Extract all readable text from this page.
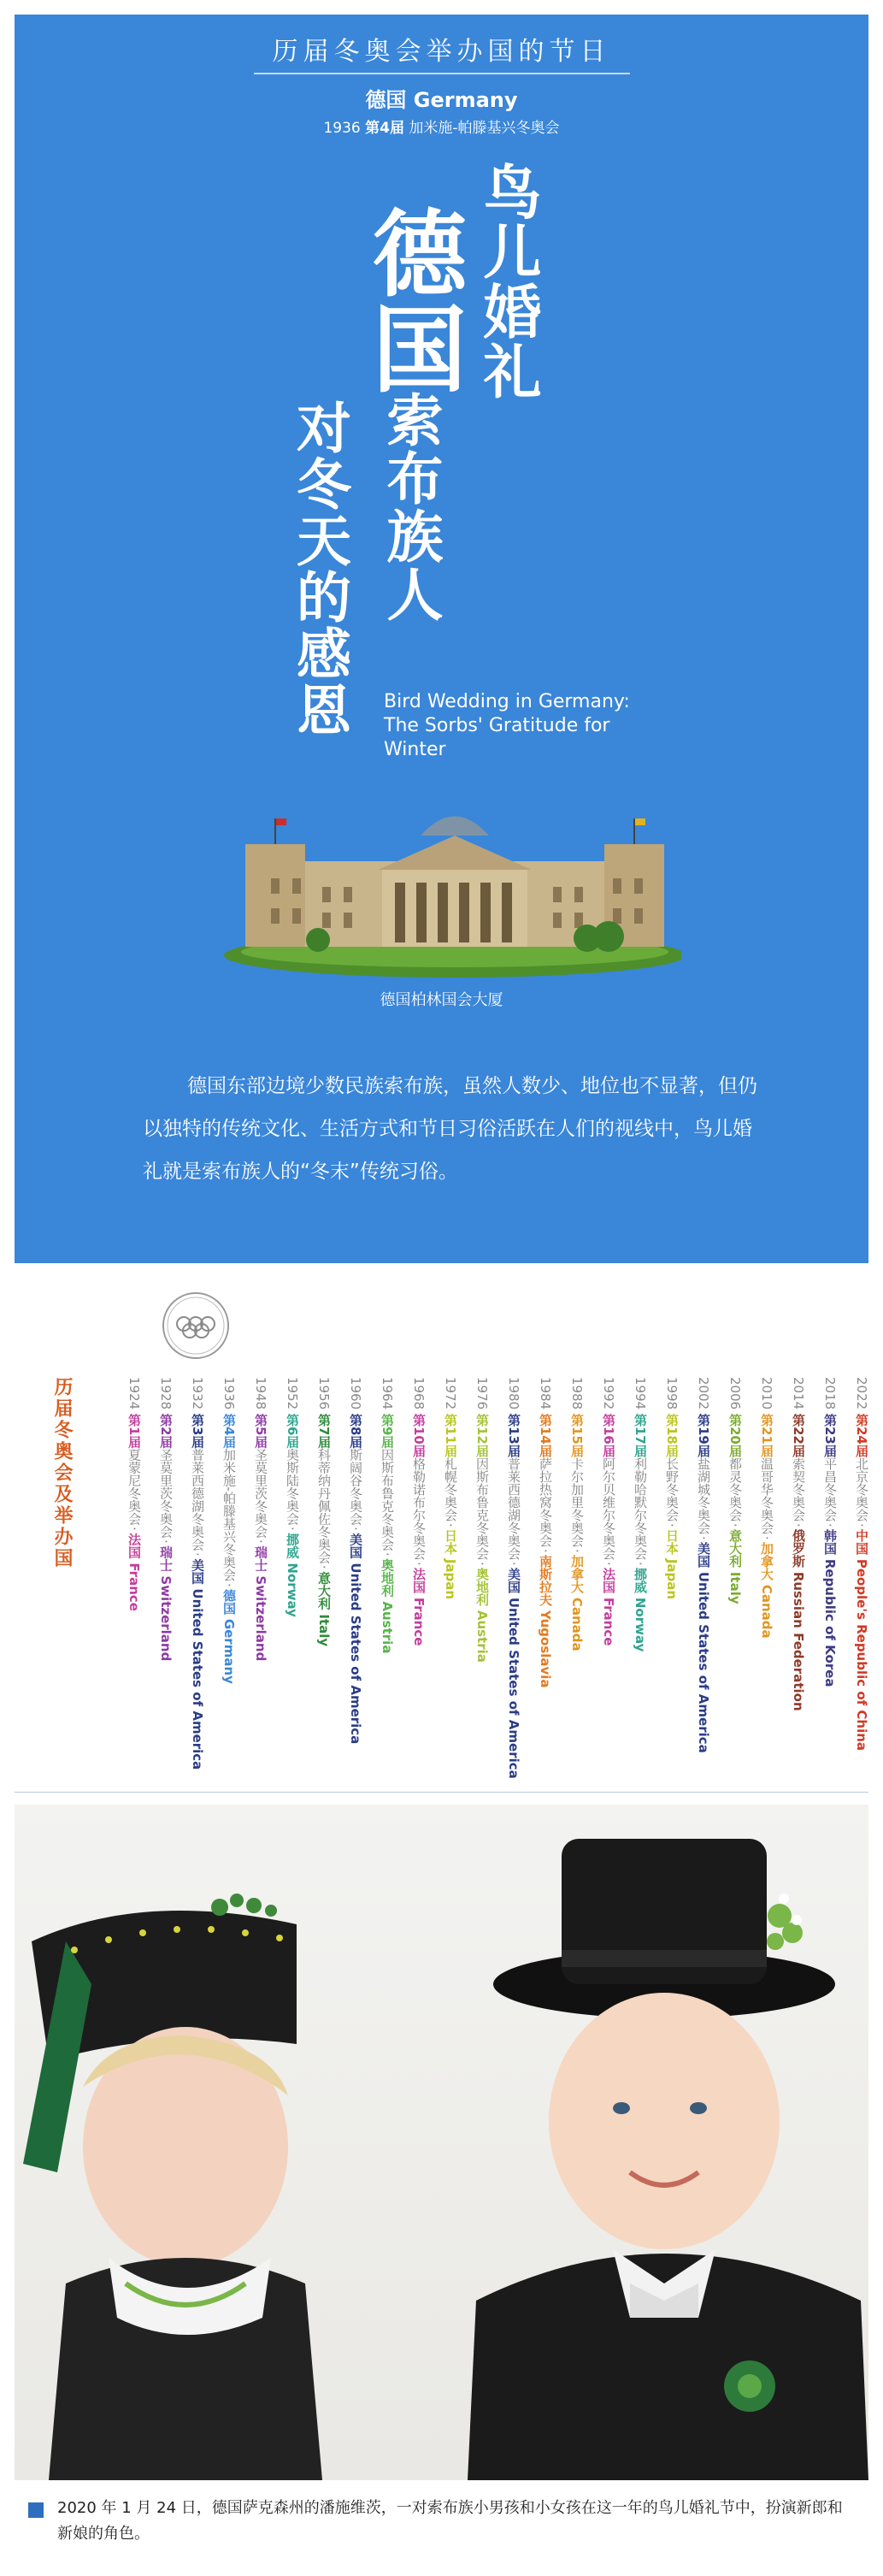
历届冬奥会举办国的节日
德国 Germany
1936 第4届 加米施-帕滕基兴冬奥会
鸟儿婚礼
德国
索布族人
对冬天的感恩 Bird Wedding in Germany: The Sorbs' Gratitude for Winter
德国柏林国会大厦

德国东部边境少数民族索布族，虽然人数少、地位也不显著，但仍以独特的传统文化、生活方式和节日习俗活跃在人们的视线中，鸟儿婚礼就是索布族人的“冬末”传统习俗。

历届冬奥会及举办国	2022 第24届北京冬奥会·中国 People's Republic of China
2018 第23届平昌冬奥会·韩国 Republic of Korea
2014 第22届索契冬奥会·俄罗斯 Russian Federation
2010 第21届温哥华冬奥会·加拿大 Canada
2006 第20届都灵冬奥会·意大利 Italy
2002 第19届盐湖城冬奥会·美国 United States of America
1998 第18届长野冬奥会·日本 Japan
1994 第17届利勒哈默尔冬奥会·挪威 Norway
1992 第16届阿尔贝维尔冬奥会·法国 France
1988 第15届卡尔加里冬奥会·加拿大 Canada
1984 第14届萨拉热窝冬奥会·南斯拉夫 Yugoslavia
1980 第13届普莱西德湖冬奥会·美国 United States of America
1976 第12届因斯布鲁克冬奥会·奥地利 Austria
1972 第11届札幌冬奥会·日本 Japan
1968 第10届格勒诺布尔冬奥会·法国 France
1964 第9届因斯布鲁克冬奥会·奥地利 Austria
1960 第8届斯阔谷冬奥会·美国 United States of America
1956 第7届科蒂纳丹佩佐冬奥会·意大利 Italy
1952 第6届奥斯陆冬奥会·挪威 Norway
1948 第5届圣莫里茨冬奥会·瑞士 Switzerland
1936 第4届加米施-帕滕基兴冬奥会·德国 Germany
1932 第3届普莱西德湖冬奥会·美国 United States of America
1928 第2届圣莫里茨冬奥会·瑞士 Switzerland
1924 第1届夏蒙尼冬奥会·法国 France
2020 年 1 月 24 日，德国萨克森州的潘施维茨，一对索布族小男孩和小女孩在这一年的鸟儿婚礼节中，扮演新郎和新娘的角色。
